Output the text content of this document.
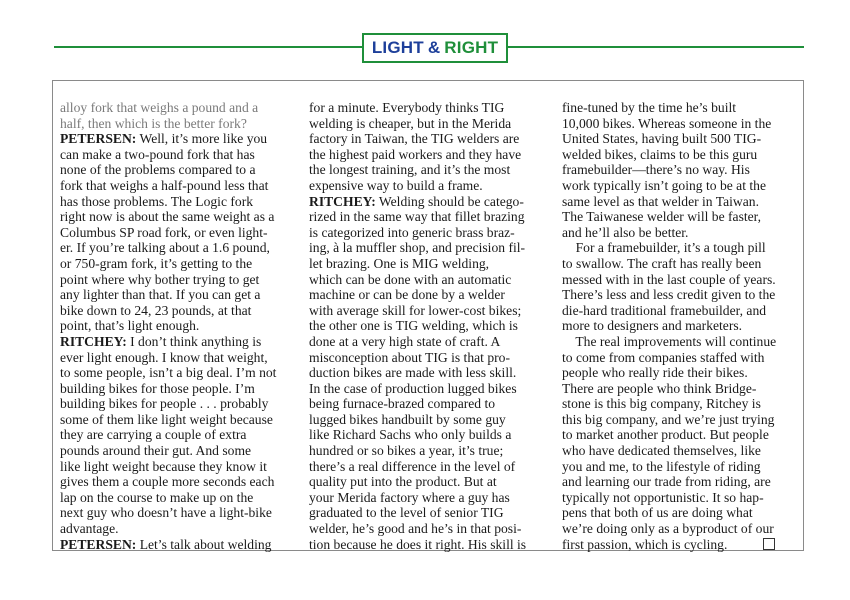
LIGHT & RIGHT
alloy fork that weighs a pound and a
half, then which is the better fork?
PETERSEN: Well, it’s more like you
can make a two-pound fork that has
none of the problems compared to a
fork that weighs a half-pound less that
has those problems. The Logic fork
right now is about the same weight as a
Columbus SP road fork, or even light-
er. If you’re talking about a 1.6 pound,
or 750-gram fork, it’s getting to the
point where why bother trying to get
any lighter than that. If you can get a
bike down to 24, 23 pounds, at that
point, that’s light enough.
RITCHEY: I don’t think anything is
ever light enough. I know that weight,
to some people, isn’t a big deal. I’m not
building bikes for those people. I’m
building bikes for people . . . probably
some of them like light weight because
they are carrying a couple of extra
pounds around their gut. And some
like light weight because they know it
gives them a couple more seconds each
lap on the course to make up on the
next guy who doesn’t have a light-bike
advantage.
PETERSEN: Let’s talk about welding
for a minute. Everybody thinks TIG
welding is cheaper, but in the Merida
factory in Taiwan, the TIG welders are
the highest paid workers and they have
the longest training, and it’s the most
expensive way to build a frame.
RITCHEY: Welding should be catego-
rized in the same way that fillet brazing
is categorized into generic brass braz-
ing, à la muffler shop, and precision fil-
let brazing. One is MIG welding,
which can be done with an automatic
machine or can be done by a welder
with average skill for lower-cost bikes;
the other one is TIG welding, which is
done at a very high state of craft. A
misconception about TIG is that pro-
duction bikes are made with less skill.
In the case of production lugged bikes
being furnace-brazed compared to
lugged bikes handbuilt by some guy
like Richard Sachs who only builds a
hundred or so bikes a year, it’s true;
there’s a real difference in the level of
quality put into the product. But at
your Merida factory where a guy has
graduated to the level of senior TIG
welder, he’s good and he’s in that posi-
tion because he does it right. His skill is
fine-tuned by the time he’s built
10,000 bikes. Whereas someone in the
United States, having built 500 TIG-
welded bikes, claims to be this guru
framebuilder—there’s no way. His
work typically isn’t going to be at the
same level as that welder in Taiwan.
The Taiwanese welder will be faster,
and he’ll also be better.
For a framebuilder, it’s a tough pill
to swallow. The craft has really been
messed with in the last couple of years.
There’s less and less credit given to the
die-hard traditional framebuilder, and
more to designers and marketers.
The real improvements will continue
to come from companies staffed with
people who really ride their bikes.
There are people who think Bridge-
stone is this big company, Ritchey is
this big company, and we’re just trying
to market another product. But people
who have dedicated themselves, like
you and me, to the lifestyle of riding
and learning our trade from riding, are
typically not opportunistic. It so hap-
pens that both of us are doing what
we’re doing only as a byproduct of our
first passion, which is cycling.
